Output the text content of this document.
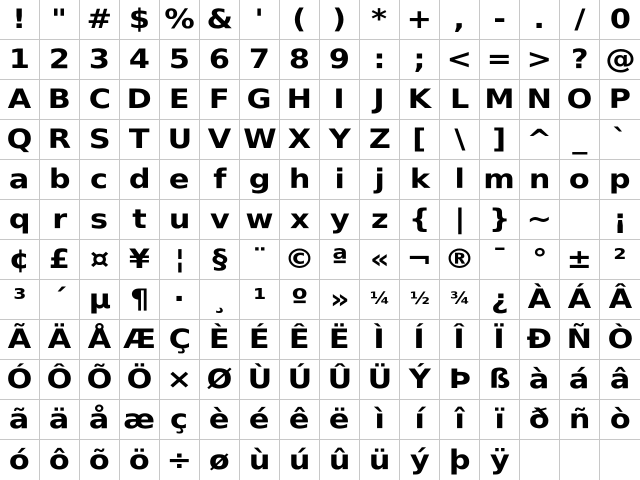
! " # $ % & ' ( ) * + , - . / 0
1 2 3 4 5 6 7 8 9 : ; < = > ? @
A B C D E F G H I J K L M N O P
Q R S T U V W X Y Z [ \ ] ^ _ `
a b c d e f g h i j k l m n o p
q r s t u v w x y z { | } ~ ¡
¢ £ ¤ ¥ ¦ § ¨ © ª « ¬ ® ¯ ° ± ²
³ ´ µ ¶ · ¸ ¹ º » ¼ ½ ¾ ¿ À Á Â
Ã Ä Å Æ Ç È É Ê Ë Ì Í Î Ï Ð Ñ Ò
Ó Ô Õ Ö × Ø Ù Ú Û Ü Ý Þ ß à á â
ã ä å æ ç è é ê ë ì í î ï ð ñ ò
ó ô õ ö ÷ ø ù ú û ü ý þ ÿ
